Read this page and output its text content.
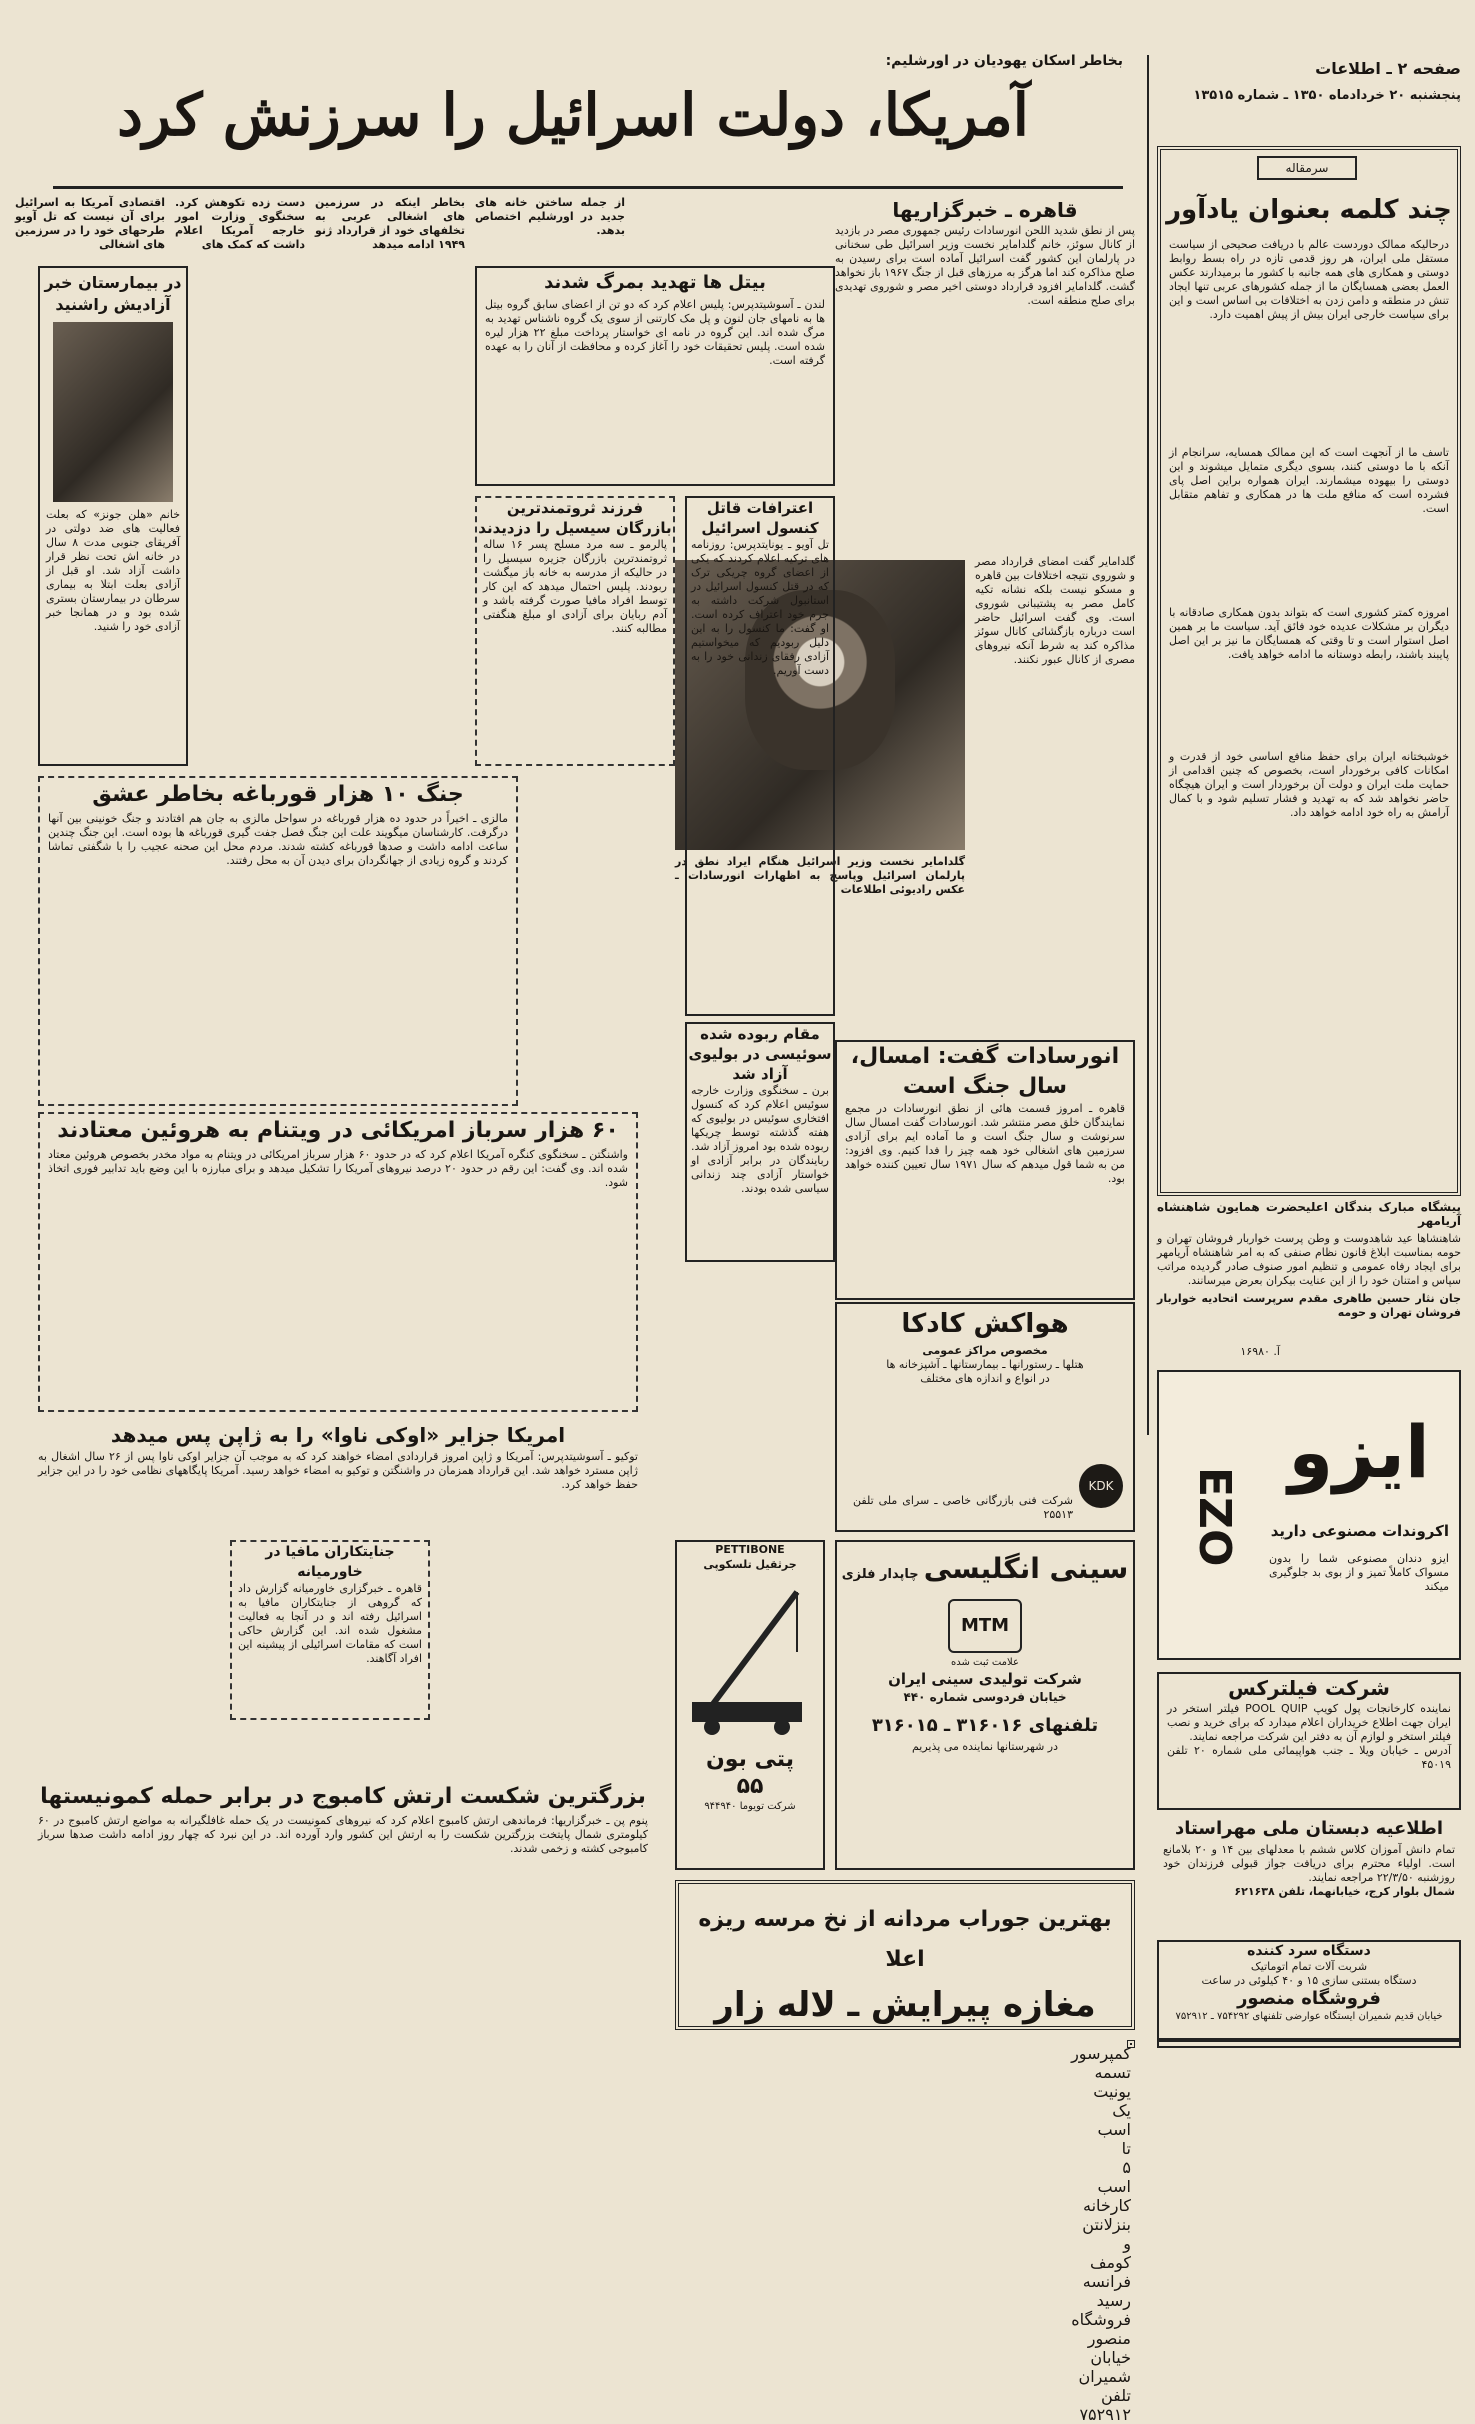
صفحه ۲ ـ اطلاعات
پنجشنبه ۲۰ خردادماه ۱۳۵۰ ـ شماره ۱۳۵۱۵
بخاطر اسکان یهودیان در اورشلیم:
آمریکا، دولت اسرائیل را سرزنش کرد
بخاطر اینکه در سرزمین های اشغالی عربی به تخلفهای خود از قرارداد ژنو ۱۹۴۹ ادامه میدهد
دست زده تکوهش کرد. سخنگوی وزارت امور خارجه آمریکا اعلام داشت که کمک های
اقتصادی آمریکا به اسرائیل برای آن نیست که تل آویو طرحهای خود را در سرزمین های اشغالی
از جمله ساختن خانه های جدید در اورشلیم اختصاص بدهد.
سرمقاله
چند کلمه بعنوان یادآور
درحالیکه ممالک دوردست عالم با دریافت صحیحی از سیاست مستقل ملی ایران، هر روز قدمی تازه در راه بسط روابط دوستی و همکاری های همه جانبه با کشور ما برمیدارند عکس العمل بعضی همسایگان ما از جمله کشورهای عربی تنها ایجاد تنش در منطقه و دامن زدن به اختلافات بی اساس است و این برای سیاست خارجی ایران بیش از پیش اهمیت دارد.
تاسف ما از آنجهت است که این ممالک همسایه، سرانجام از آنکه با ما دوستی کنند، بسوی دیگری متمایل میشوند و این دوستی را بیهوده میشمارند. ایران همواره براین اصل پای فشرده است که منافع ملت ها در همکاری و تفاهم متقابل است.
امروزه کمتر کشوری است که بتواند بدون همکاری صادقانه با دیگران بر مشکلات عدیده خود فائق آید. سیاست ما بر همین اصل استوار است و تا وقتی که همسایگان ما نیز بر این اصل پایبند باشند، رابطه دوستانه ما ادامه خواهد یافت.
خوشبختانه ایران برای حفظ منافع اساسی خود از قدرت و امکانات کافی برخوردار است، بخصوص که چنین اقدامی از حمایت ملت ایران و دولت آن برخوردار است و ایران هیچگاه حاضر نخواهد شد که به تهدید و فشار تسلیم شود و با کمال آرامش به راه خود ادامه خواهد داد.
پیشگاه مبارک بندگان اعلیحضرت همایون شاهنشاه آریامهر
شاهنشاها عید شاهدوست و وطن پرست خواربار فروشان تهران و حومه بمناسبت ابلاغ قانون نظام صنفی که به امر شاهنشاه آریامهر برای ایجاد رفاه عمومی و تنظیم امور صنوف صادر گردیده مراتب سپاس و امتنان خود را از این عنایت بیکران بعرض میرسانند.
جان نثار حسین طاهری مقدم سرپرست اتحادیه خواربار فروشان تهران و حومه
آ. ۱۶۹۸۰
EZO
ایزو
اکروندات مصنوعی دارید
ایزو دندان مصنوعی شما را بدون مسواک کاملاً تمیز و از بوی بد جلوگیری میکند
شرکت فیلترکس
نماینده کارخانجات پول کویپ POOL QUIP فیلتر استخر در ایران جهت اطلاع خریداران اعلام میدارد که برای خرید و نصب فیلتر استخر و لوازم آن به دفتر این شرکت مراجعه نمایند.
آدرس ـ خیابان ویلا ـ جنب هواپیمائی ملی شماره ۲۰ تلفن ۴۵۰۱۹
اطلاعیه دبستان ملی مهراستاد
تمام دانش آموزان کلاس ششم با معدلهای بین ۱۴ و ۲۰ بلامانع است. اولیاء محترم برای دریافت جواز قبولی فرزندان خود روزشنبه ۲۲/۳/۵۰ مراجعه نمایند.
شمال بلوار کرج، خیابانهما، تلفن ۶۲۱۶۳۸
دستگاه سرد کننده
شربت آلات تمام اتوماتیک
دستگاه بستنی سازی ۱۵ و ۴۰ کیلوئی در ساعت
فروشگاه منصور
خیابان قدیم شمیران ایستگاه عوارضی تلفنهای ۷۵۴۲۹۲ ـ ۷۵۲۹۱۲
قاهره ـ خبرگزاریها
پس از نطق شدید اللحن انورسادات رئیس جمهوری مصر در بازدید از کانال سوئز، خانم گلدامایر نخست وزیر اسرائیل طی سخنانی در پارلمان این کشور گفت اسرائیل آماده است برای رسیدن به صلح مذاکره کند اما هرگز به مرزهای قبل از جنگ ۱۹۶۷ باز نخواهد گشت. گلدامایر افزود قرارداد دوستی اخیر مصر و شوروی تهدیدی برای صلح منطقه است.
گلدامایر گفت امضای قرارداد مصر و شوروی نتیجه اختلافات بین قاهره و مسکو نیست بلکه نشانه تکیه کامل مصر به پشتیبانی شوروی است. وی گفت اسرائیل حاضر است درباره بازگشائی کانال سوئز مذاکره کند به شرط آنکه نیروهای مصری از کانال عبور نکنند.
گلدامایر نخست وزیر اسرائیل هنگام ایراد نطق در پارلمان اسرائیل وپاسخ به اظهارات انورسادات ـ عکس رادیوئی اطلاعات
بیتل ها تهدید بمرگ شدند
لندن ـ آسوشیتدپرس: پلیس اعلام کرد که دو تن از اعضای سابق گروه بیتل ها به نامهای جان لنون و پل مک کارتنی از سوی یک گروه ناشناس تهدید به مرگ شده اند. این گروه در نامه ای خواستار پرداخت مبلغ ۲۲ هزار لیره شده است. پلیس تحقیقات خود را آغاز کرده و محافظت از آنان را به عهده گرفته است.
در بیمارستان خبر آزادیش راشنید
خانم «هلن جونز» که بعلت فعالیت های ضد دولتی در آفریقای جنوبی مدت ۸ سال در خانه اش تحت نظر قرار داشت آزاد شد. او قبل از آزادی بعلت ابتلا به بیماری سرطان در بیمارستان بستری شده بود و در همانجا خبر آزادی خود را شنید.
فرزند ثروتمندترین بازرگان سیسیل را دزدیدند
پالرمو ـ سه مرد مسلح پسر ۱۶ ساله ثروتمندترین بازرگان جزیره سیسیل را در حالیکه از مدرسه به خانه باز میگشت ربودند. پلیس احتمال میدهد که این کار توسط افراد مافیا صورت گرفته باشد و آدم ربایان برای آزادی او مبلغ هنگفتی مطالبه کنند.
اعترافات قاتل کنسول اسرائیل
تل آویو ـ یونایتدپرس: روزنامه های ترکیه اعلام کردند که یکی از اعضای گروه چریکی ترک که در قتل کنسول اسرائیل در استانبول شرکت داشته به جرم خود اعتراف کرده است. او گفت: ما کنسول را به این دلیل ربودیم که میخواستیم آزادی رفقای زندانی خود را به دست آوریم.
جنگ ۱۰ هزار قورباغه بخاطر عشق
مالزی ـ اخیراً در حدود ده هزار قورباغه در سواحل مالزی به جان هم افتادند و جنگ خونینی بین آنها درگرفت. کارشناسان میگویند علت این جنگ فصل جفت گیری قورباغه ها بوده است. این جنگ چندین ساعت ادامه داشت و صدها قورباغه کشته شدند. مردم محل این صحنه عجیب را با شگفتی تماشا کردند و گروه زیادی از جهانگردان برای دیدن آن به محل رفتند.
مقام ربوده شده سوئیسی در بولیوی آزاد شد
برن ـ سخنگوی وزارت خارجه سوئیس اعلام کرد که کنسول افتخاری سوئیس در بولیوی که هفته گذشته توسط چریکها ربوده شده بود امروز آزاد شد. ربایندگان در برابر آزادی او خواستار آزادی چند زندانی سیاسی شده بودند.
انورسادات گفت: امسال، سال جنگ است
قاهره ـ امروز قسمت هائی از نطق انورسادات در مجمع نمایندگان خلق مصر منتشر شد. انورسادات گفت امسال سال سرنوشت و سال جنگ است و ما آماده ایم برای آزادی سرزمین های اشغالی خود همه چیز را فدا کنیم. وی افزود: من به شما قول میدهم که سال ۱۹۷۱ سال تعیین کننده خواهد بود.
۶۰ هزار سرباز امریکائی در ویتنام به هروئین معتادند
واشنگتن ـ سخنگوی کنگره آمریکا اعلام کرد که در حدود ۶۰ هزار سرباز امریکائی در ویتنام به مواد مخدر بخصوص هروئین معتاد شده اند. وی گفت: این رقم در حدود ۲۰ درصد نیروهای آمریکا را تشکیل میدهد و برای مبارزه با این وضع باید تدابیر فوری اتخاذ شود.
هواکش کادکا
مخصوص مراکز عمومی
هتلها ـ رستورانها ـ بیمارستانها ـ آشپزخانه ها
در انواع و اندازه های مختلف
KDK
شرکت فنی بازرگانی خاصی ـ سرای ملی تلفن ۲۵۵۱۳
امریکا جزایر «اوکی ناوا» را به ژاپن پس میدهد
توکیو ـ آسوشیتدپرس: آمریکا و ژاپن امروز قراردادی امضاء خواهند کرد که به موجب آن جزایر اوکی ناوا پس از ۲۶ سال اشغال به ژاپن مسترد خواهد شد. این قرارداد همزمان در واشنگتن و توکیو به امضاء خواهد رسید. آمریکا پایگاههای نظامی خود را در این جزایر حفظ خواهد کرد.
جنایتکاران مافیا در خاورمیانه
قاهره ـ خبرگزاری خاورمیانه گزارش داد که گروهی از جنایتکاران مافیا به اسرائیل رفته اند و در آنجا به فعالیت مشغول شده اند. این گزارش حاکی است که مقامات اسرائیلی از پیشینه این افراد آگاهند.
PETTIBONE
جرثقیل تلسکوپی
پتی بون
۵۵
شرکت تویوما ۹۴۴۹۴۰
سینی انگلیسی چاپدار فلزی
MTM
علامت ثبت شده
شرکت تولیدی سینی ایران
خیابان فردوسی شماره ۴۴۰
تلفنهای ۳۱۶۰۱۶ ـ ۳۱۶۰۱۵
در شهرستانها نماینده می پذیریم
بزرگترین شکست ارتش کامبوج در برابر حمله کمونیستها
پنوم پن ـ خبرگزاریها: فرماندهی ارتش کامبوج اعلام کرد که نیروهای کمونیست در یک حمله غافلگیرانه به مواضع ارتش کامبوج در ۶۰ کیلومتری شمال پایتخت بزرگترین شکست را به ارتش این کشور وارد آورده اند. در این نبرد که چهار روز ادامه داشت صدها سرباز کامبوجی کشته و زخمی شدند.
بهترین جوراب مردانه از نخ مرسه ریزه اعلا
مغازه پیرایش ـ لاله زار
کمپرسور تسمه یونیت یک اسب تا ۵ اسب کارخانه بنزلانتن و کومف فرانسه رسید فروشگاه منصور خیابان شمیران تلفن ۷۵۲۹۱۲
